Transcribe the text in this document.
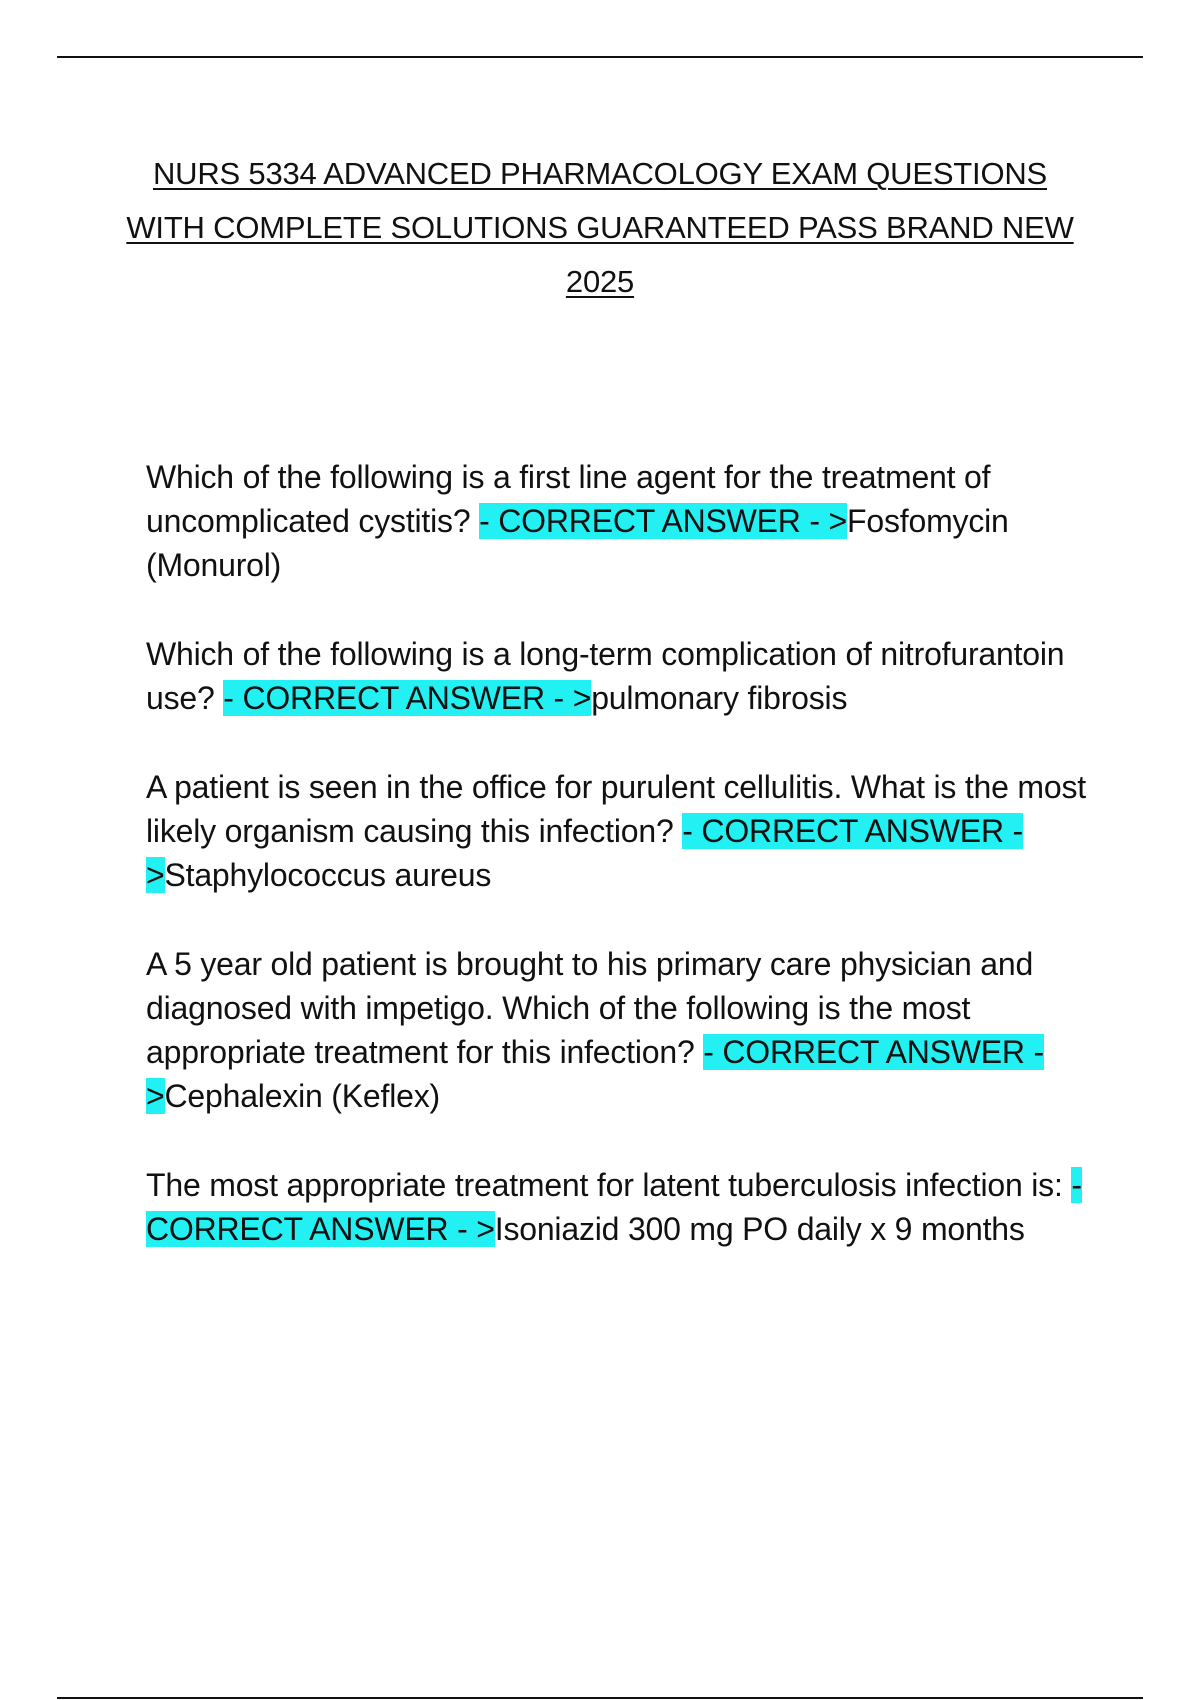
NURS 5334 ADVANCED PHARMACOLOGY EXAM QUESTIONS WITH COMPLETE SOLUTIONS GUARANTEED PASS BRAND NEW 2025

Which of the following is a first line agent for the treatment of uncomplicated cystitis? - CORRECT ANSWER - >Fosfomycin (Monurol)

Which of the following is a long-term complication of nitrofurantoin use? - CORRECT ANSWER - >pulmonary fibrosis

A patient is seen in the office for purulent cellulitis. What is the most likely organism causing this infection? - CORRECT ANSWER - >Staphylococcus aureus

A 5 year old patient is brought to his primary care physician and diagnosed with impetigo. Which of the following is the most appropriate treatment for this infection? - CORRECT ANSWER - >Cephalexin (Keflex)

The most appropriate treatment for latent tuberculosis infection is: - CORRECT ANSWER - >Isoniazid 300 mg PO daily x 9 months
